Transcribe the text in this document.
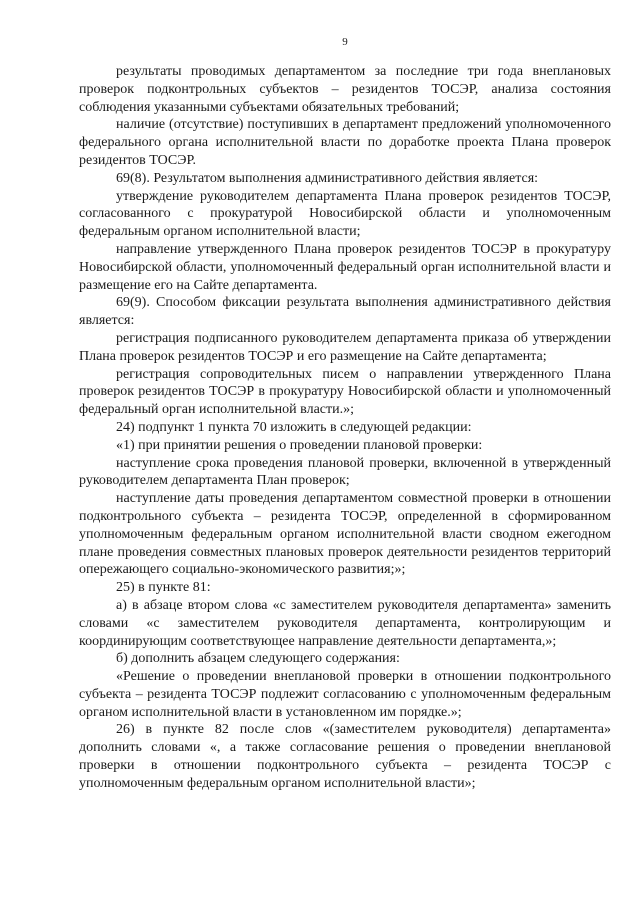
9

результаты проводимых департаментом за последние три года внеплановых проверок подконтрольных субъектов – резидентов ТОСЭР, анализа состояния соблюдения указанными субъектами обязательных требований;

наличие (отсутствие) поступивших в департамент предложений уполномоченного федерального органа исполнительной власти по доработке проекта Плана проверок резидентов ТОСЭР.

69(8). Результатом выполнения административного действия является:

утверждение руководителем департамента Плана проверок резидентов ТОСЭР, согласованного с прокуратурой Новосибирской области и уполномоченным федеральным органом исполнительной власти;

направление утвержденного Плана проверок резидентов ТОСЭР в прокуратуру Новосибирской области, уполномоченный федеральный орган исполнительной власти и размещение его на Сайте департамента.

69(9). Способом фиксации результата выполнения административного действия является:

регистрация подписанного руководителем департамента приказа об утверждении Плана проверок резидентов ТОСЭР и его размещение на Сайте департамента;

регистрация сопроводительных писем о направлении утвержденного Плана проверок резидентов ТОСЭР в прокуратуру Новосибирской области и уполномоченный федеральный орган исполнительной власти.»;

24) подпункт 1 пункта 70 изложить в следующей редакции:

«1) при принятии решения о проведении плановой проверки:

наступление срока проведения плановой проверки, включенной в утвержденный руководителем департамента План проверок;

наступление даты проведения департаментом совместной проверки в отношении подконтрольного субъекта – резидента ТОСЭР, определенной в сформированном уполномоченным федеральным органом исполнительной власти сводном ежегодном плане проведения совместных плановых проверок деятельности резидентов территорий опережающего социально-экономического развития;»;

25) в пункте 81:

а) в абзаце втором слова «с заместителем руководителя департамента» заменить словами «с заместителем руководителя департамента, контролирующим и координирующим соответствующее направление деятельности департамента,»;

б) дополнить абзацем следующего содержания:

«Решение о проведении внеплановой проверки в отношении подконтрольного субъекта – резидента ТОСЭР подлежит согласованию с уполномоченным федеральным органом исполнительной власти в установленном им порядке.»;

26) в пункте 82 после слов «(заместителем руководителя) департамента» дополнить словами «, а также согласование решения о проведении внеплановой проверки в отношении подконтрольного субъекта – резидента ТОСЭР с уполномоченным федеральным органом исполнительной власти»;
